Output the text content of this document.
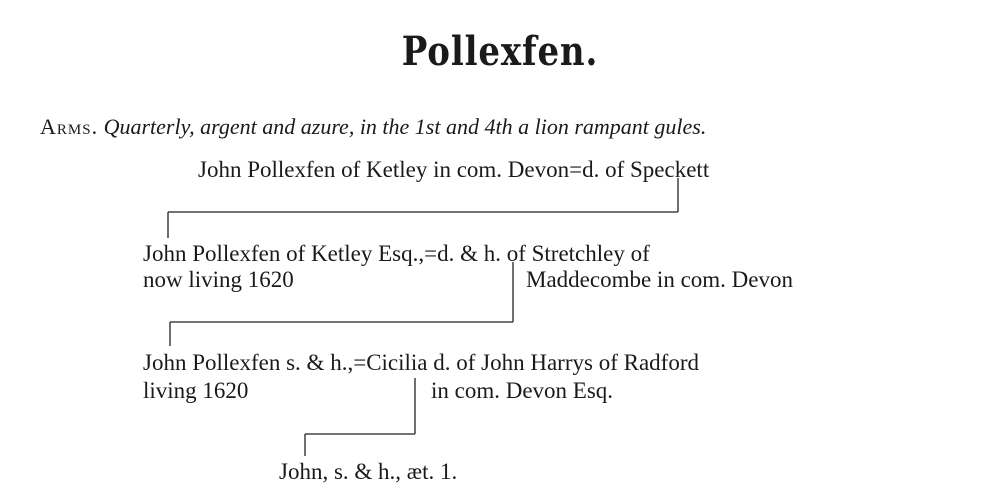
Pollexfen.
Arms. Quarterly, argent and azure, in the 1st and 4th a lion rampant gules.
John Pollexfen of Ketley in com. Devon=d. of Speckett
John Pollexfen of Ketley Esq.,=d. & h. of Stretchley of
now living 1620	Maddecombe in com. Devon
John Pollexfen s. & h.,=Cicilia d. of John Harrys of Radford
living 1620	in com. Devon Esq.
John, s. & h., æt. 1.
